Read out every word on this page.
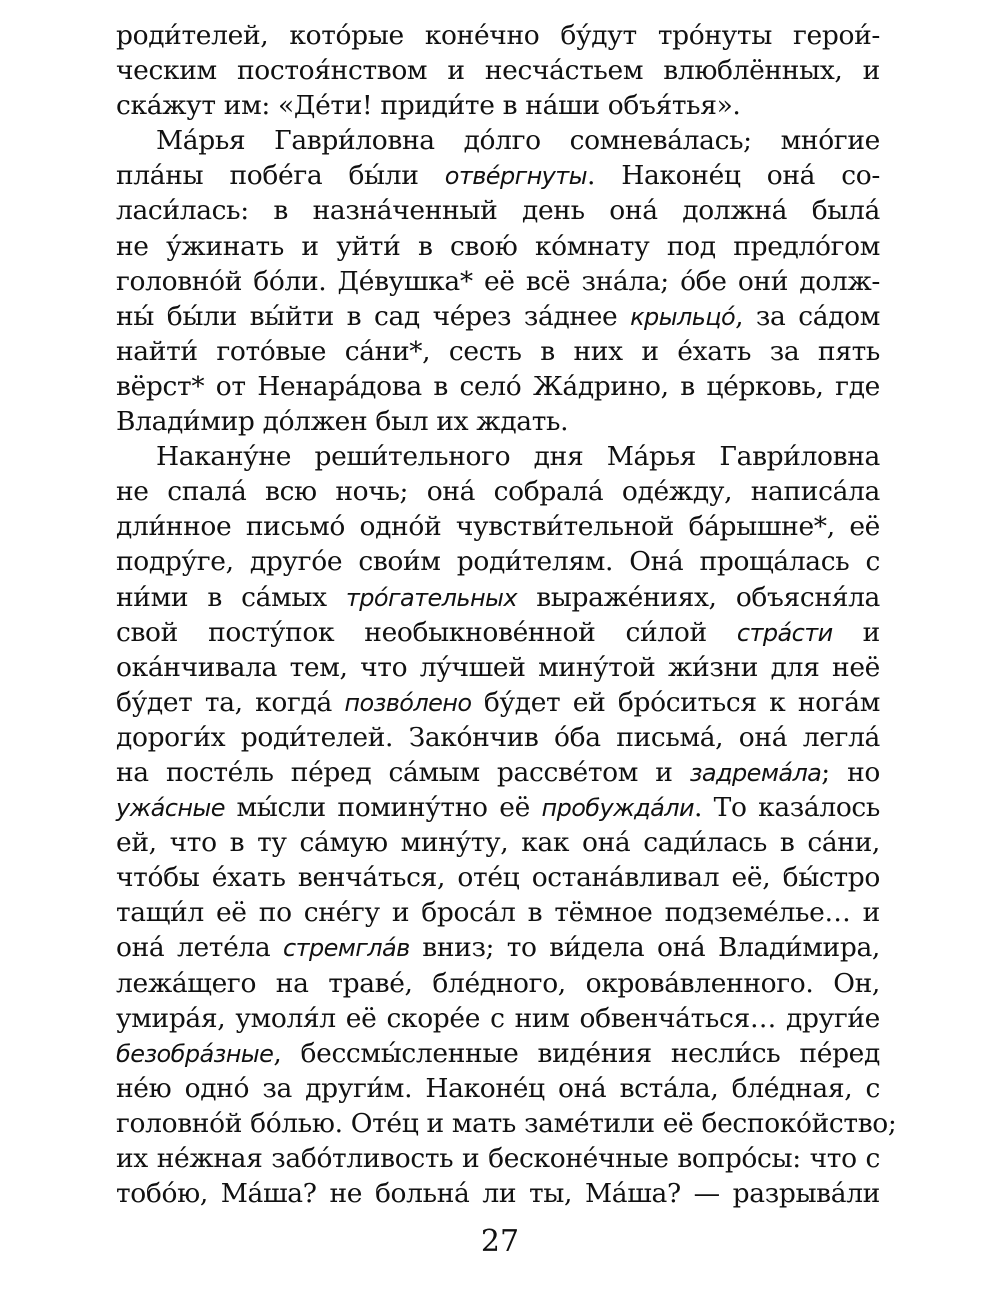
роди́телей, кото́рые коне́чно бу́дут тро́нуты герои́-
ческим постоя́нством и несча́стьем влюблённых, и
ска́жут им: «Де́ти! приди́те в на́ши объя́тья».
Ма́рья Гаври́ловна до́лго сомнева́лась; мно́гие
пла́ны побе́га бы́ли отве́ргнуты. Наконе́ц она́ со-
ласи́лась: в назна́ченный день она́ должна́ была́
не у́жинать и уйти́ в свою́ ко́мнату под предло́гом
головно́й бо́ли. Де́вушка* её всё зна́ла; о́бе они́ долж-
ны́ бы́ли вы́йти в сад че́рез за́днее крыльцо́, за са́дом
найти́ гото́вые са́ни*, сесть в них и е́хать за пять
вёрст* от Ненара́дова в село́ Жа́дрино, в це́рковь, где
Влади́мир до́лжен был их ждать.
Накану́не реши́тельного дня Ма́рья Гаври́ловна
не спала́ всю ночь; она́ собрала́ оде́жду, написа́ла
дли́нное письмо́ одно́й чувстви́тельной ба́рышне*, её
подру́ге, друго́е свои́м роди́телям. Она́ проща́лась с
ни́ми в са́мых тро́гательных выраже́ниях, объясня́ла
свой посту́пок необыкнове́нной си́лой стра́сти и
ока́нчивала тем, что лу́чшей мину́той жи́зни для неё
бу́дет та, когда́ позво́лено бу́дет ей бро́ситься к нога́м
дороги́х роди́телей. Зако́нчив о́ба письма́, она́ легла́
на посте́ль пе́ред са́мым рассве́том и задрема́ла; но
ужа́сные мы́сли помину́тно её пробужда́ли. То каза́лось
ей, что в ту са́мую мину́ту, как она́ сади́лась в са́ни,
что́бы е́хать венча́ться, оте́ц остана́вливал её, бы́стро
тащи́л её по сне́гу и броса́л в тёмное подземе́лье… и
она́ лете́ла стремгла́в вниз; то ви́дела она́ Влади́мира,
лежа́щего на траве́, бле́дного, окрова́вленного. Он,
умира́я, умоля́л её скоре́е с ним обвенча́ться… други́е
безобра́зные, бессмы́сленные виде́ния несли́сь пе́ред
не́ю одно́ за други́м. Наконе́ц она́ вста́ла, бле́дная, с
головно́й бо́лью. Оте́ц и мать заме́тили её беспоко́йство;
их не́жная забо́тливость и бесконе́чные вопро́сы: что с
тобо́ю, Ма́ша? не больна́ ли ты, Ма́ша? — разрыва́ли
27
